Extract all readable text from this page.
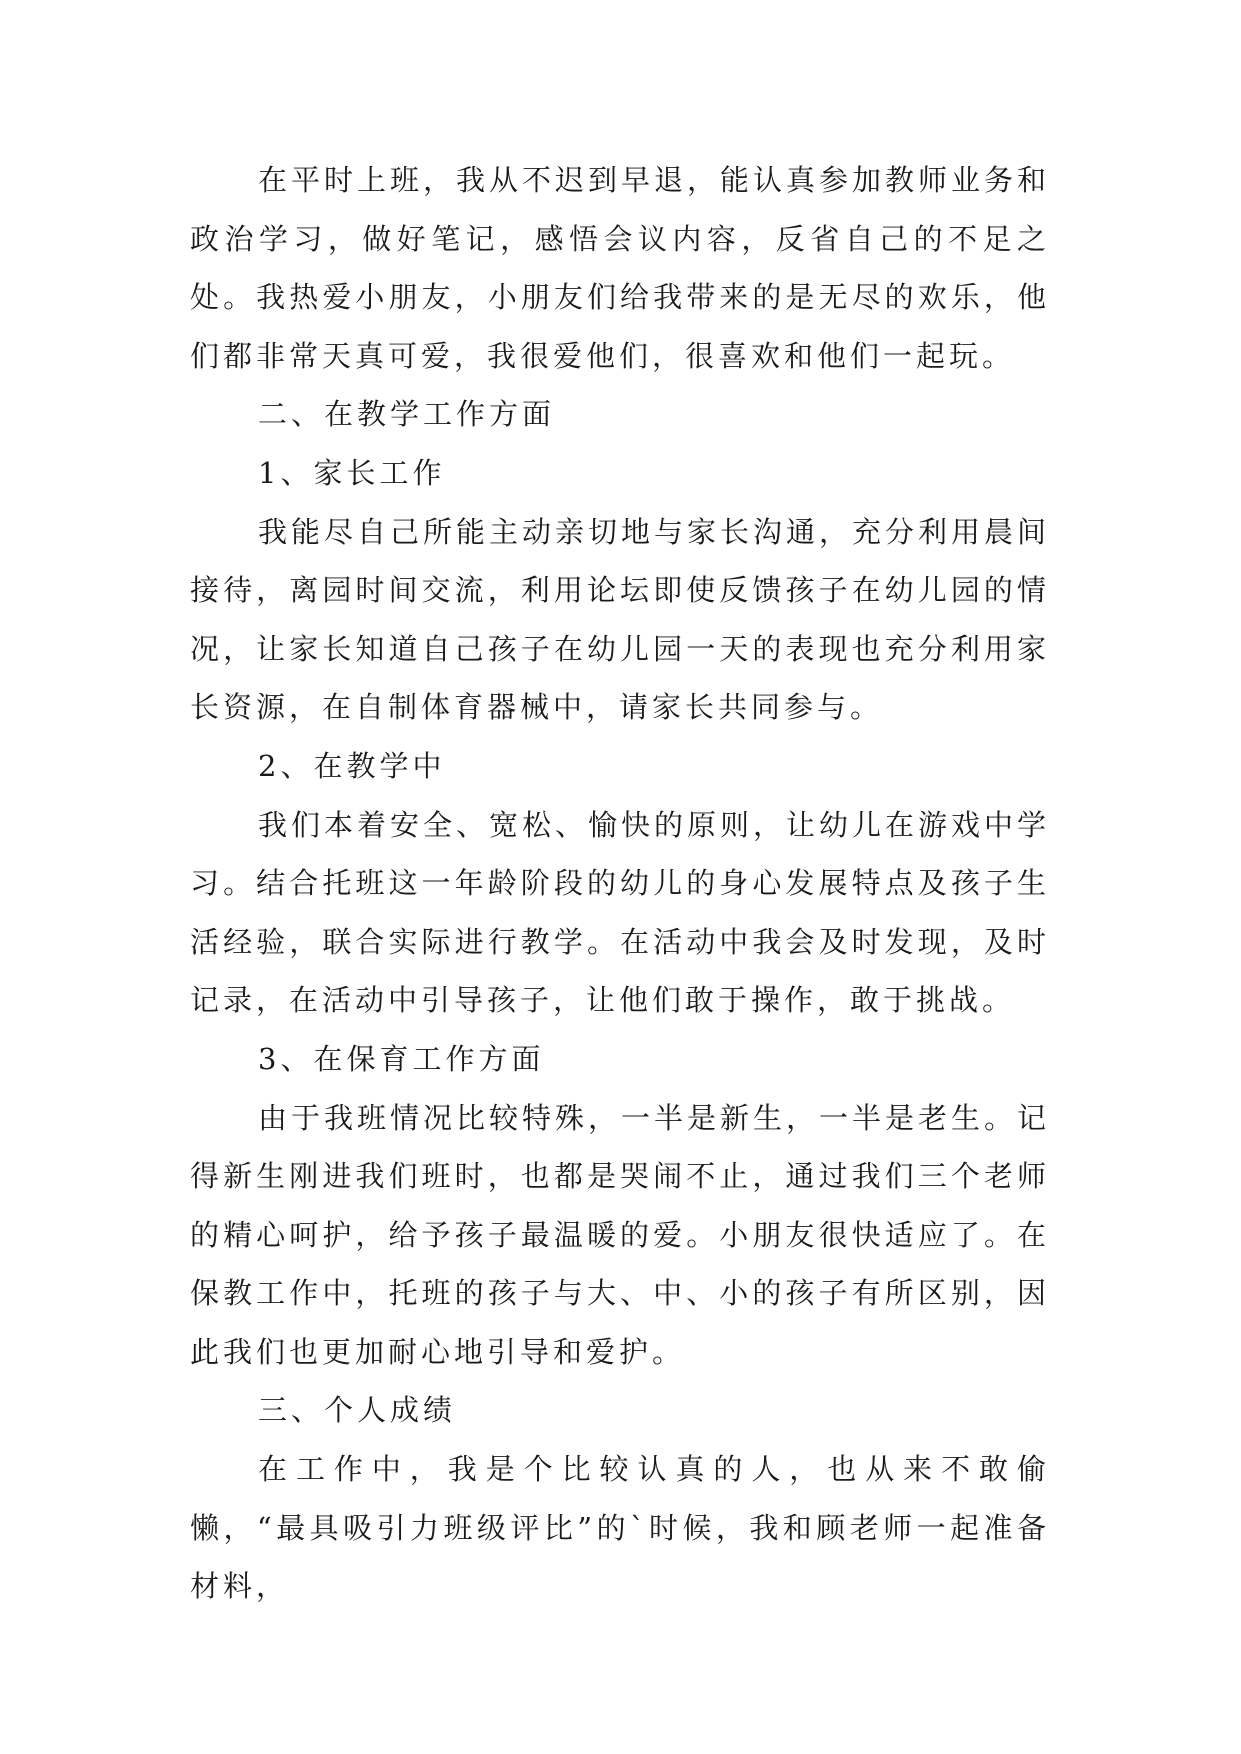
在平时上班，我从不迟到早退，能认真参加教师业务和政治学习，做好笔记，感悟会议内容，反省自己的不足之处。我热爱小朋友，小朋友们给我带来的是无尽的欢乐，他们都非常天真可爱，我很爱他们，很喜欢和他们一起玩。

二、在教学工作方面

1、家长工作

我能尽自己所能主动亲切地与家长沟通，充分利用晨间接待，离园时间交流，利用论坛即使反馈孩子在幼儿园的情况，让家长知道自己孩子在幼儿园一天的表现也充分利用家长资源，在自制体育器械中，请家长共同参与。

2、在教学中

我们本着安全、宽松、愉快的原则，让幼儿在游戏中学习。结合托班这一年龄阶段的幼儿的身心发展特点及孩子生活经验，联合实际进行教学。在活动中我会及时发现，及时记录，在活动中引导孩子，让他们敢于操作，敢于挑战。

3、在保育工作方面

由于我班情况比较特殊，一半是新生，一半是老生。记得新生刚进我们班时，也都是哭闹不止，通过我们三个老师的精心呵护，给予孩子最温暖的爱。小朋友很快适应了。在保教工作中，托班的孩子与大、中、小的孩子有所区别，因此我们也更加耐心地引导和爱护。

三、个人成绩

在工作中，我是个比较认真的人，也从来不敢偷懒，“最具吸引力班级评比”的`时候，我和顾老师一起准备材料，
